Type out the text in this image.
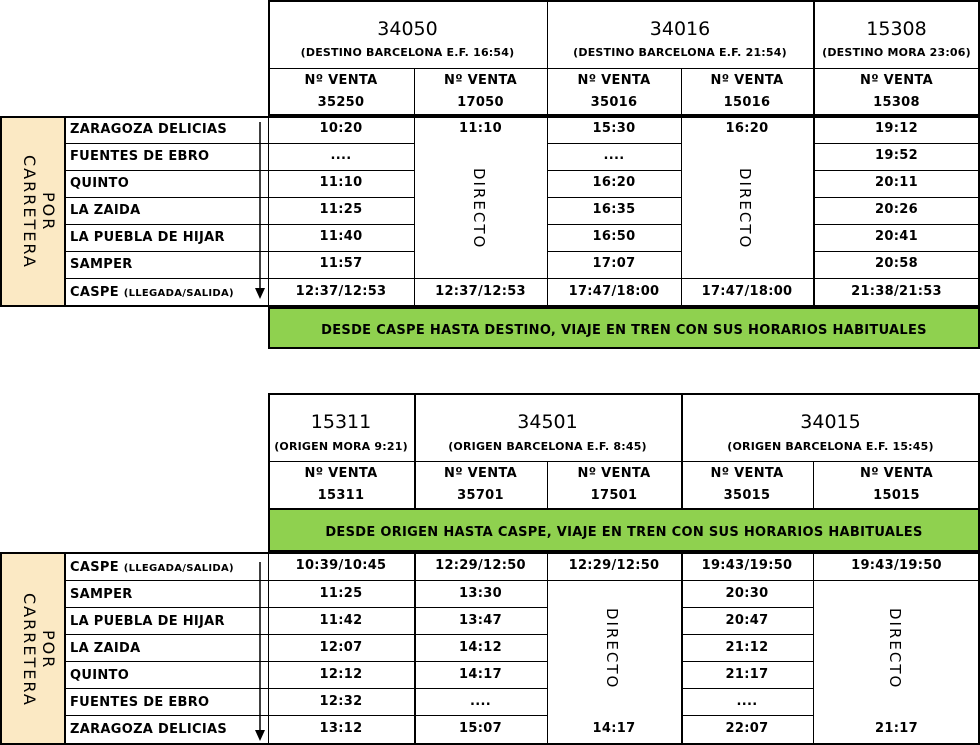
34050
(DESTINO BARCELONA E.F. 16:54)
34016
(DESTINO BARCELONA E.F. 21:54)
15308
(DESTINO MORA 23:06)
Nº VENTA
35250
Nº VENTA
17050
Nº VENTA
35016
Nº VENTA
15016
Nº VENTA
15308
POR CARRETERA
ZARAGOZA DELICIAS
FUENTES DE EBRO
QUINTO
LA ZAIDA
LA PUEBLA DE HIJAR
SAMPER
CASPE (LLEGADA/SALIDA)
10:20
....
11:10
11:25
11:40
11:57
12:37/12:53
11:10
DIRECTO
12:37/12:53
15:30
....
16:20
16:35
16:50
17:07
17:47/18:00
16:20
DIRECTO
17:47/18:00
19:12
19:52
20:11
20:26
20:41
20:58
21:38/21:53
DESDE CASPE HASTA DESTINO, VIAJE EN TREN CON SUS HORARIOS HABITUALES
15311
(ORIGEN MORA 9:21)
34501
(ORIGEN BARCELONA E.F. 8:45)
34015
(ORIGEN BARCELONA E.F. 15:45)
Nº VENTA
15311
Nº VENTA
35701
Nº VENTA
17501
Nº VENTA
35015
Nº VENTA
15015
DESDE ORIGEN HASTA CASPE, VIAJE EN TREN CON SUS HORARIOS HABITUALES
POR CARRETERA
CASPE (LLEGADA/SALIDA)
SAMPER
LA PUEBLA DE HIJAR
LA ZAIDA
QUINTO
FUENTES DE EBRO
ZARAGOZA DELICIAS
10:39/10:45
11:25
11:42
12:07
12:12
12:32
13:12
12:29/12:50
13:30
13:47
14:12
14:17
....
15:07
12:29/12:50
DIRECTO
14:17
19:43/19:50
20:30
20:47
21:12
21:17
....
22:07
19:43/19:50
DIRECTO
21:17
